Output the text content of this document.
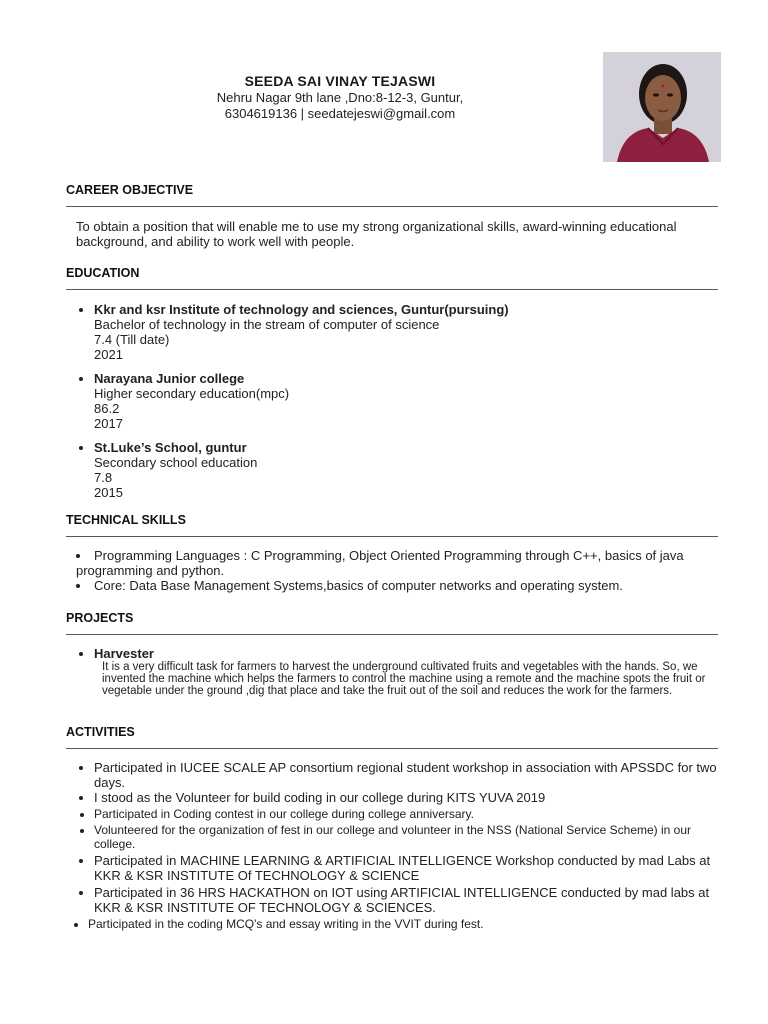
SEEDA SAI VINAY TEJASWI
Nehru Nagar 9th lane ,Dno:8-12-3, Guntur,
6304619136 | seedatejeswi@gmail.com
CAREER OBJECTIVE
To obtain a position that will enable me to use my strong organizational skills, award-winning educational background, and ability to work well with people.
EDUCATION
• Kkr and ksr Institute of technology and sciences, Guntur(pursuing)
Bachelor of technology in the stream of computer of science
7.4 (Till date)
2021
• Narayana Junior college
Higher secondary education(mpc)
86.2
2017
• St.Luke’s School, guntur
Secondary school education
7.8
2015
TECHNICAL SKILLS
• Programming Languages : C Programming, Object Oriented Programming through C++, basics of java programming and python.
• Core: Data Base Management Systems,basics of computer networks and operating system.
PROJECTS
• Harvester
It is a very difficult task for farmers to harvest the underground cultivated fruits and vegetables with the hands. So, we invented the machine which helps the farmers to control the machine using a remote and the machine spots the fruit or vegetable under the ground ,dig that place and take the fruit out of the soil and reduces the work for the farmers.
ACTIVITIES
• Participated in IUCEE SCALE AP consortium regional student workshop in association with APSSDC for two days.
• I stood as the Volunteer for build coding in our college during KITS YUVA 2019
• Participated in Coding contest in our college during college anniversary.
• Volunteered for the organization of fest in our college and volunteer in the NSS (National Service Scheme) in our college.
• Participated in MACHINE LEARNING & ARTIFICIAL INTELLIGENCE Workshop conducted by mad Labs at KKR & KSR INSTITUTE Of TECHNOLOGY & SCIENCE
• Participated in 36 HRS HACKATHON on IOT using ARTIFICIAL INTELLIGENCE conducted by mad labs at KKR & KSR INSTITUTE OF TECHNOLOGY & SCIENCES.
• Participated in the coding MCQ's and essay writing in the VVIT during fest.
